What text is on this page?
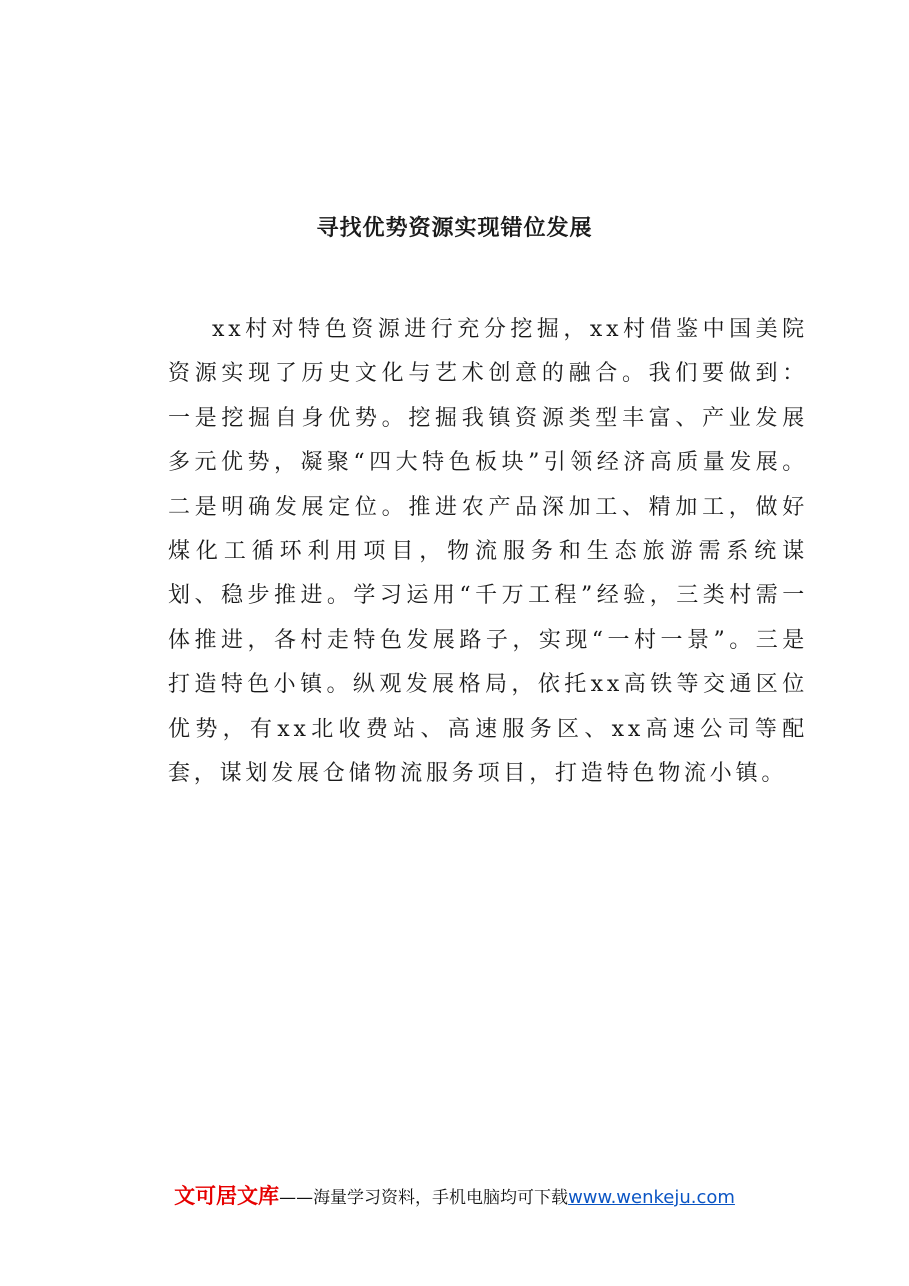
寻找优势资源实现错位发展

xx村对特色资源进行充分挖掘，xx村借鉴中国美院资源实现了历史文化与艺术创意的融合。我们要做到：一是挖掘自身优势。挖掘我镇资源类型丰富、产业发展多元优势，凝聚“四大特色板块”引领经济高质量发展。二是明确发展定位。推进农产品深加工、精加工，做好煤化工循环利用项目，物流服务和生态旅游需系统谋划、稳步推进。学习运用“千万工程”经验，三类村需一体推进，各村走特色发展路子，实现“一村一景”。三是打造特色小镇。纵观发展格局，依托xx高铁等交通区位优势，有xx北收费站、高速服务区、xx高速公司等配套，谋划发展仓储物流服务项目，打造特色物流小镇。

文可居文库——海量学习资料，手机电脑均可下载www.wenkeju.com
